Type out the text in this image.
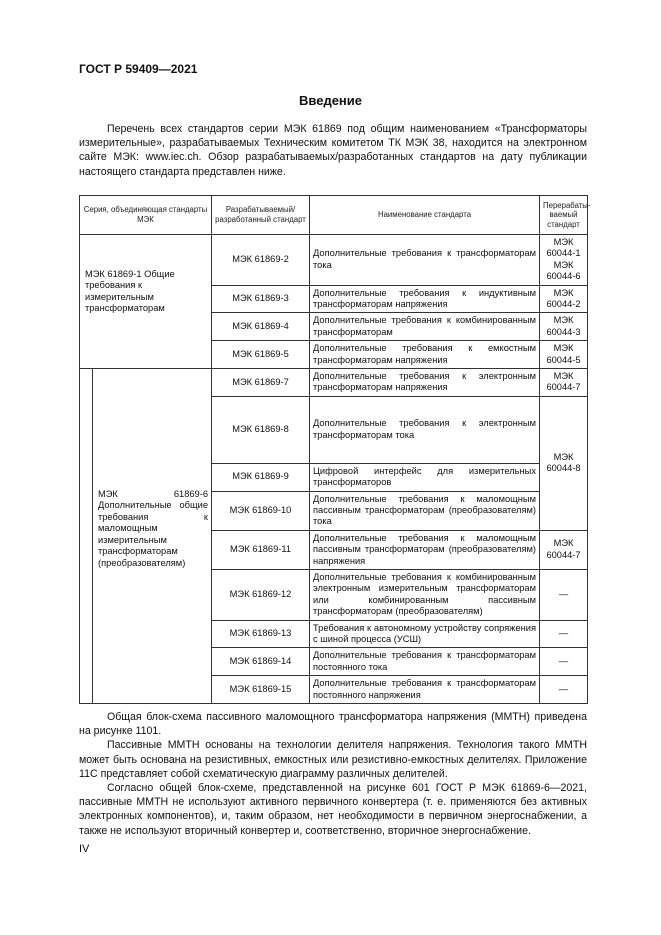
ГОСТ Р 59409—2021
Введение

Перечень всех стандартов серии МЭК 61869 под общим наименованием «Трансформаторы измерительные», разрабатываемых Техническим комитетом ТК МЭК 38, находится на электронном сайте МЭК: www.iec.ch. Обзор разрабатываемых/разработанных стандартов на дату публикации настоящего стандарта представлен ниже.

Серия, объединяющая стандарты МЭК	Разрабатываемый/ разработанный стандарт	Наименование стандарта	Перерабаты- ваемый стандарт

МЭК 61869-1 Общие требования к измерительным трансформаторам	МЭК 61869-2	Дополнительные требования к трансформаторам тока	МЭК 60044-1 МЭК 60044-6
	МЭК 61869-3	Дополнительные требования к индуктивным трансформаторам напряжения	МЭК 60044-2
	МЭК 61869-4	Дополнительные требования к комбинированным трансформаторам	МЭК 60044-3
	МЭК 61869-5	Дополнительные требования к емкостным трансформаторам напряжения	МЭК 60044-5

МЭК 61869-6 Дополнительные общие требования к маломощным измерительным трансформаторам (преобразователям)	МЭК 61869-7	Дополнительные требования к электронным трансформаторам напряжения	МЭК 60044-7
	МЭК 61869-8	Дополнительные требования к электронным трансформаторам тока	МЭК 60044-8
	МЭК 61869-9	Цифровой интерфейс для измерительных трансформаторов	
	МЭК 61869-10	Дополнительные требования к маломощным пассивным трансформаторам (преобразователям) тока	
	МЭК 61869-11	Дополнительные требования к маломощным пассивным трансформаторам (преобразователям) напряжения	МЭК 60044-7
	МЭК 61869-12	Дополнительные требования к комбинированным электронным измерительным трансформаторам или комбинированным пассивным трансформаторам (преобразователям)	—
	МЭК 61869-13	Требования к автономному устройству сопряжения с шиной процесса (УСШ)	—
	МЭК 61869-14	Дополнительные требования к трансформаторам постоянного тока	—
	МЭК 61869-15	Дополнительные требования к трансформаторам постоянного напряжения	—

Общая блок-схема пассивного маломощного трансформатора напряжения (ММТН) приведена на рисунке 1101.

Пассивные ММТН основаны на технологии делителя напряжения. Технология такого ММТН может быть основана на резистивных, емкостных или резистивно-емкостных делителях. Приложение 11С представляет собой схематическую диаграмму различных делителей.

Согласно общей блок-схеме, представленной на рисунке 601 ГОСТ Р МЭК 61869-6—2021, пассивные ММТН не используют активного первичного конвертера (т. е. применяются без активных электронных компонентов), и, таким образом, нет необходимости в первичном энергоснабжении, а также не используют вторичный конвертер и, соответственно, вторичное энергоснабжение.

IV
